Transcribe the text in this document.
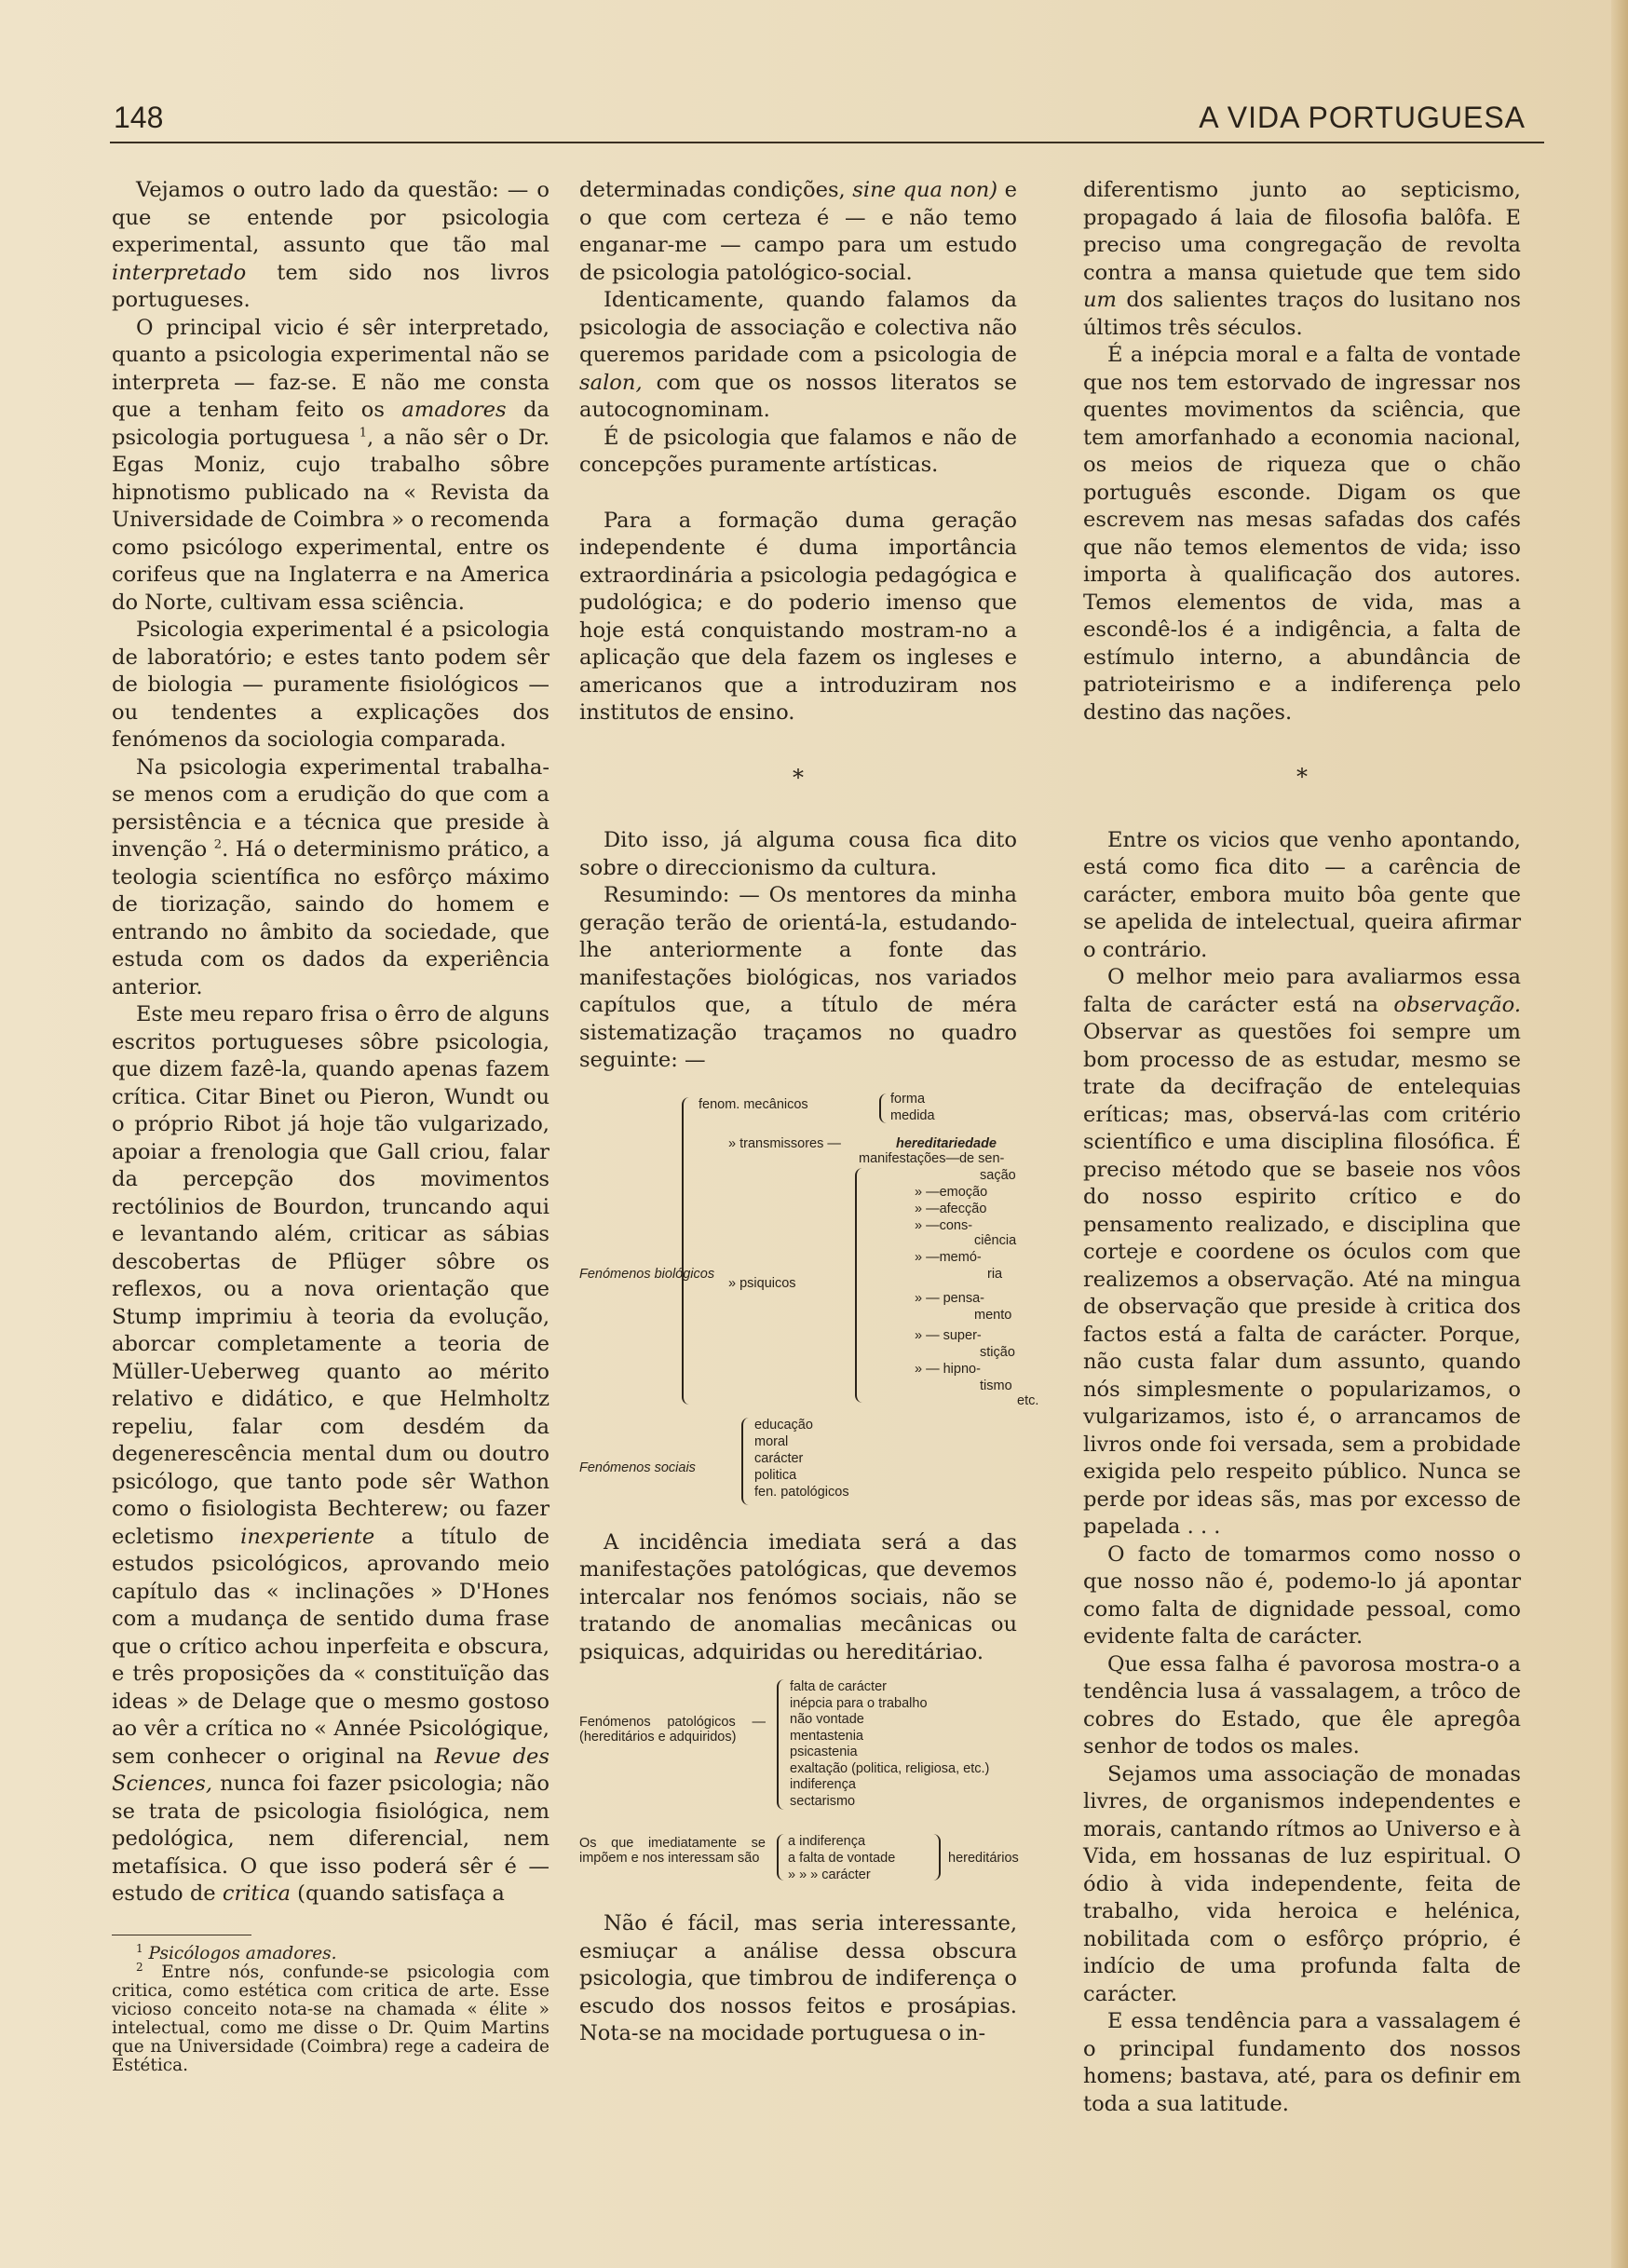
148	A VIDA PORTUGUESA

Vejamos o outro lado da questão: — o que se entende por psicologia experimental, assunto que tão mal interpretado tem sido nos livros portugueses.

O principal vicio é sêr interpretado, quanto a psicologia experimental não se interpreta — faz-se. E não me consta que a tenham feito os amadores da psicologia portuguesa $^1$, a não sêr o Dr. Egas Moniz, cujo trabalho sôbre hipnotismo publicado na « Revista da Universidade de Coimbra » o recomenda como psicólogo experimental, entre os corifeus que na Inglaterra e na America do Norte, cultivam essa sciência.

Psicologia experimental é a psicologia de laboratório; e estes tanto podem sêr de biologia — puramente fisiológicos — ou tendentes a explicações dos fenómenos da sociologia comparada.

Na psicologia experimental trabalha-se menos com a erudição do que com a persistência e a técnica que preside à invenção $^2$. Há o determinismo prático, a teologia scientífica no esfôrço máximo de tiorização, saindo do homem e entrando no âmbito da sociedade, que estuda com os dados da experiência anterior.

Este meu reparo frisa o êrro de alguns escritos portugueses sôbre psicologia, que dizem fazê-la, quando apenas fazem crítica. Citar Binet ou Pieron, Wundt ou o próprio Ribot já hoje tão vulgarizado, apoiar a frenologia que Gall criou, falar da percepção dos movimentos rectólinios de Bourdon, truncando aqui e levantando além, criticar as sábias descobertas de Pflüger sôbre os reflexos, ou a nova orientação que Stump imprimiu à teoria da evolução, aborcar completamente a teoria de Müller-Ueberweg quanto ao mérito relativo e didático, e que Helmholtz repeliu, falar com desdém da degenerescência mental dum ou doutro psicólogo, que tanto pode sêr Wathon como o fisiologista Bechterew; ou fazer ecletismo inexperiente a título de estudos psicológicos, aprovando meio capítulo das « inclinações » D'Hones com a mudança de sentido duma frase que o crítico achou inperfeita e obscura, e três proposições da « constituïção das ideas » de Delage que o mesmo gostoso ao vêr a crítica no « Année Psicológique, sem conhecer o original na Revue des Sciences, nunca foi fazer psicologia; não se trata de psicologia fisiológica, nem pedológica, nem diferencial, nem metafísica. O que isso poderá sêr é — estudo de critica (quando satisfaça a

$^1$ Psicólogos amadores.

$^2$ Entre nós, confunde-se psicologia com critica, como estética com critica de arte. Esse vicioso conceito nota-se na chamada « élite » intelectual, como me disse o Dr. Quim Martins que na Universidade (Coimbra) rege a cadeira de Estética.

determinadas condições, sine qua non) e o que com certeza é — e não temo enganar-me — campo para um estudo de psicologia patológico-social.

Identicamente, quando falamos da psicologia de associação e colectiva não queremos paridade com a psicologia de salon, com que os nossos literatos se autocognominam.

É de psicologia que falamos e não de concepções puramente artísticas.

Para a formação duma geração independente é duma importância extraordinária a psicologia pedagógica e pudológica; e do poderio imenso que hoje está conquistando mostram-no a aplicação que dela fazem os ingleses e americanos que a introduziram nos institutos de ensino.

*

Dito isso, já alguma cousa fica dito sobre o direccionismo da cultura.

Resumindo: — Os mentores da minha geração terão de orientá-la, estudando-lhe anteriormente a fonte das manifestações biológicas, nos variados capítulos que, a título de méra sistematização traçamos no quadro seguinte: —

Fenómenos biológicos
fenom. mecânicos	forma
medida
» transmissores —	hereditariedade
manifestações—de sen-
sação
» —emoção
» —afecção
» —cons-
ciência
» psiquicos
» —memó-
ria
» — pensa-
mento
» — super-
stição
» — hipno-
tismo
etc.
Fenómenos sociais
educação
moral
carácter
politica
fen. patológicos

A incidência imediata será a das manifestações patológicas, que devemos intercalar nos fenómos sociais, não se tratando de anomalias mecânicas ou psiquicas, adquiridas ou hereditáriao.

Fenómenos patológicos —(hereditários e adquiridos)
falta de carácter
inépcia para o trabalho
não vontade
mentastenia
psicastenia
exaltação (politica, religiosa, etc.)
indiferença
sectarismo
Os que imediatamente se impõem e nos interessam são
a indiferença
a falta de vontade
» » » carácter
hereditários

Não é fácil, mas seria interessante, esmiuçar a análise dessa obscura psicologia, que timbrou de indiferença o escudo dos nossos feitos e prosápias. Nota-se na mocidade portuguesa o in-

diferentismo junto ao septicismo, propagado á laia de filosofia balôfa. E preciso uma congregação de revolta contra a mansa quietude que tem sido um dos salientes traços do lusitano nos últimos três séculos.

É a inépcia moral e a falta de vontade que nos tem estorvado de ingressar nos quentes movimentos da sciência, que tem amorfanhado a economia nacional, os meios de riqueza que o chão português esconde. Digam os que escrevem nas mesas safadas dos cafés que não temos elementos de vida; isso importa à qualificação dos autores. Temos elementos de vida, mas a escondê-los é a indigência, a falta de estímulo interno, a abundância de patrioteirismo e a indiferença pelo destino das nações.

*

Entre os vicios que venho apontando, está como fica dito — a carência de carácter, embora muito bôa gente que se apelida de intelectual, queira afirmar o contrário.

O melhor meio para avaliarmos essa falta de carácter está na observação. Observar as questões foi sempre um bom processo de as estudar, mesmo se trate da decifração de entelequias eríticas; mas, observá-las com critério scientífico e uma disciplina filosófica. É preciso método que se baseie nos vôos do nosso espirito crítico e do pensamento realizado, e disciplina que corteje e coordene os óculos com que realizemos a observação. Até na mingua de observação que preside à critica dos factos está a falta de carácter. Porque, não custa falar dum assunto, quando nós simplesmente o popularizamos, o vulgarizamos, isto é, o arrancamos de livros onde foi versada, sem a probidade exigida pelo respeito público. Nunca se perde por ideas sãs, mas por excesso de papelada . . .

O facto de tomarmos como nosso o que nosso não é, podemo-lo já apontar como falta de dignidade pessoal, como evidente falta de carácter.

Que essa falha é pavorosa mostra-o a tendência lusa á vassalagem, a trôco de cobres do Estado, que êle apregôa senhor de todos os males.

Sejamos uma associação de monadas livres, de organismos independentes e morais, cantando rítmos ao Universo e à Vida, em hossanas de luz espiritual. O ódio à vida independente, feita de trabalho, vida heroica e helénica, nobilitada com o esfôrço próprio, é indício de uma profunda falta de carácter.

E essa tendência para a vassalagem é o principal fundamento dos nossos homens; bastava, até, para os definir em toda a sua latitude.
